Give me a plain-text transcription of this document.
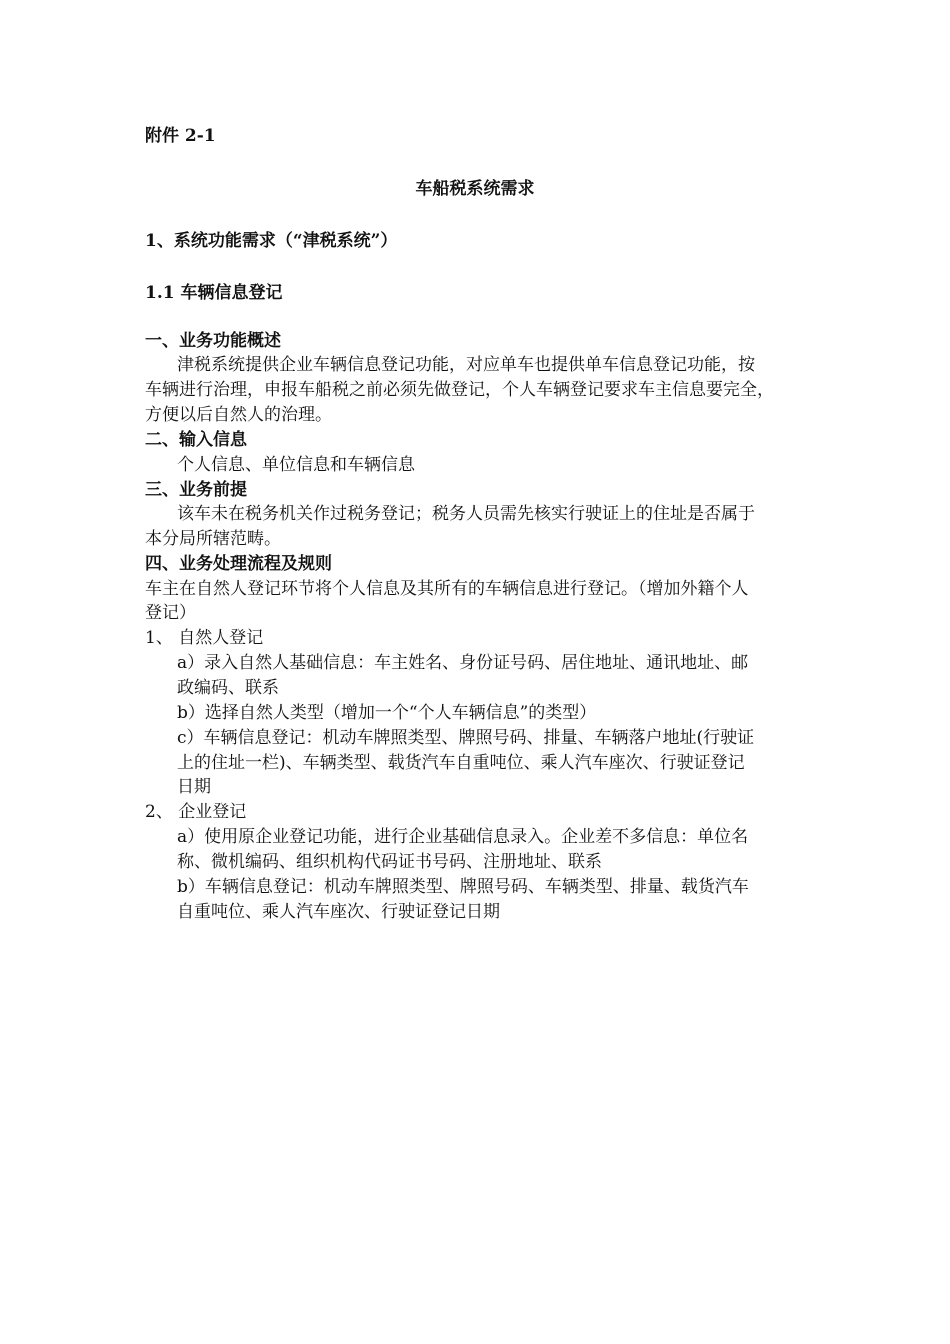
附件 2-1
车船税系统需求
1、系统功能需求（“津税系统”）
1.1 车辆信息登记
一、业务功能概述
津税系统提供企业车辆信息登记功能，对应单车也提供单车信息登记功能，按
车辆进行治理，申报车船税之前必须先做登记，个人车辆登记要求车主信息要完全，
方便以后自然人的治理。
二、输入信息
个人信息、单位信息和车辆信息
三、业务前提
该车未在税务机关作过税务登记；税务人员需先核实行驶证上的住址是否属于
本分局所辖范畴。
四、业务处理流程及规则
车主在自然人登记环节将个人信息及其所有的车辆信息进行登记。（增加外籍个人
登记）
1、 自然人登记
a）录入自然人基础信息：车主姓名、身份证号码、居住地址、通讯地址、邮
政编码、联系
b）选择自然人类型（增加一个“个人车辆信息”的类型）
c）车辆信息登记：机动车牌照类型、牌照号码、排量、车辆落户地址(行驶证
上的住址一栏)、车辆类型、载货汽车自重吨位、乘人汽车座次、行驶证登记
日期
2、 企业登记
a）使用原企业登记功能，进行企业基础信息录入。企业差不多信息：单位名
称、微机编码、组织机构代码证书号码、注册地址、联系
b）车辆信息登记：机动车牌照类型、牌照号码、车辆类型、排量、载货汽车
自重吨位、乘人汽车座次、行驶证登记日期
